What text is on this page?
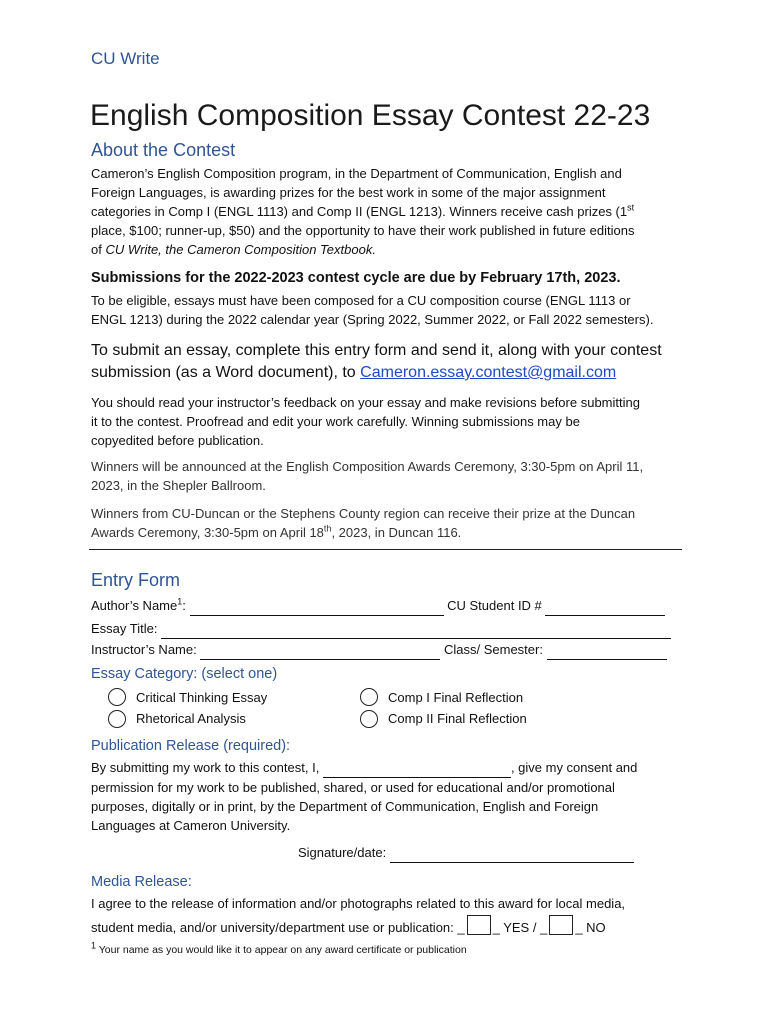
CU Write
English Composition Essay Contest 22-23
About the Contest
Cameron’s English Composition program, in the Department of Communication, English and
Foreign Languages, is awarding prizes for the best work in some of the major assignment
categories in Comp I (ENGL 1113) and Comp II (ENGL 1213). Winners receive cash prizes (1st
place, $100; runner-up, $50) and the opportunity to have their work published in future editions
of CU Write, the Cameron Composition Textbook.
Submissions for the 2022-2023 contest cycle are due by February 17th, 2023.
To be eligible, essays must have been composed for a CU composition course (ENGL 1113 or
ENGL 1213) during the 2022 calendar year (Spring 2022, Summer 2022, or Fall 2022 semesters).
To submit an essay, complete this entry form and send it, along with your contest
submission (as a Word document), to Cameron.essay.contest@gmail.com
You should read your instructor’s feedback on your essay and make revisions before submitting
it to the contest. Proofread and edit your work carefully. Winning submissions may be
copyedited before publication.
Winners will be announced at the English Composition Awards Ceremony, 3:30-5pm on April 11,
2023, in the Shepler Ballroom.
Winners from CU-Duncan or the Stephens County region can receive their prize at the Duncan
Awards Ceremony, 3:30-5pm on April 18th, 2023, in Duncan 116.
Entry Form
Author’s Name$^1$:	CU Student ID #
Essay Title:
Instructor’s Name:	Class/ Semester:
Essay Category: (select one)
Critical Thinking Essay
Rhetorical Analysis
Comp I Final Reflection
Comp II Final Reflection
Publication Release (required):
By submitting my work to this contest, I,	, give my consent and
permission for my work to be published, shared, or used for educational and/or promotional
purposes, digitally or in print, by the Department of Communication, English and Foreign
Languages at Cameron University.
Signature/date:
Media Release:
I agree to the release of information and/or photographs related to this award for local media,
student media, and/or university/department use or publication: _ _ YES / _ _ NO
$^1$ Your name as you would like it to appear on any award certificate or publication
